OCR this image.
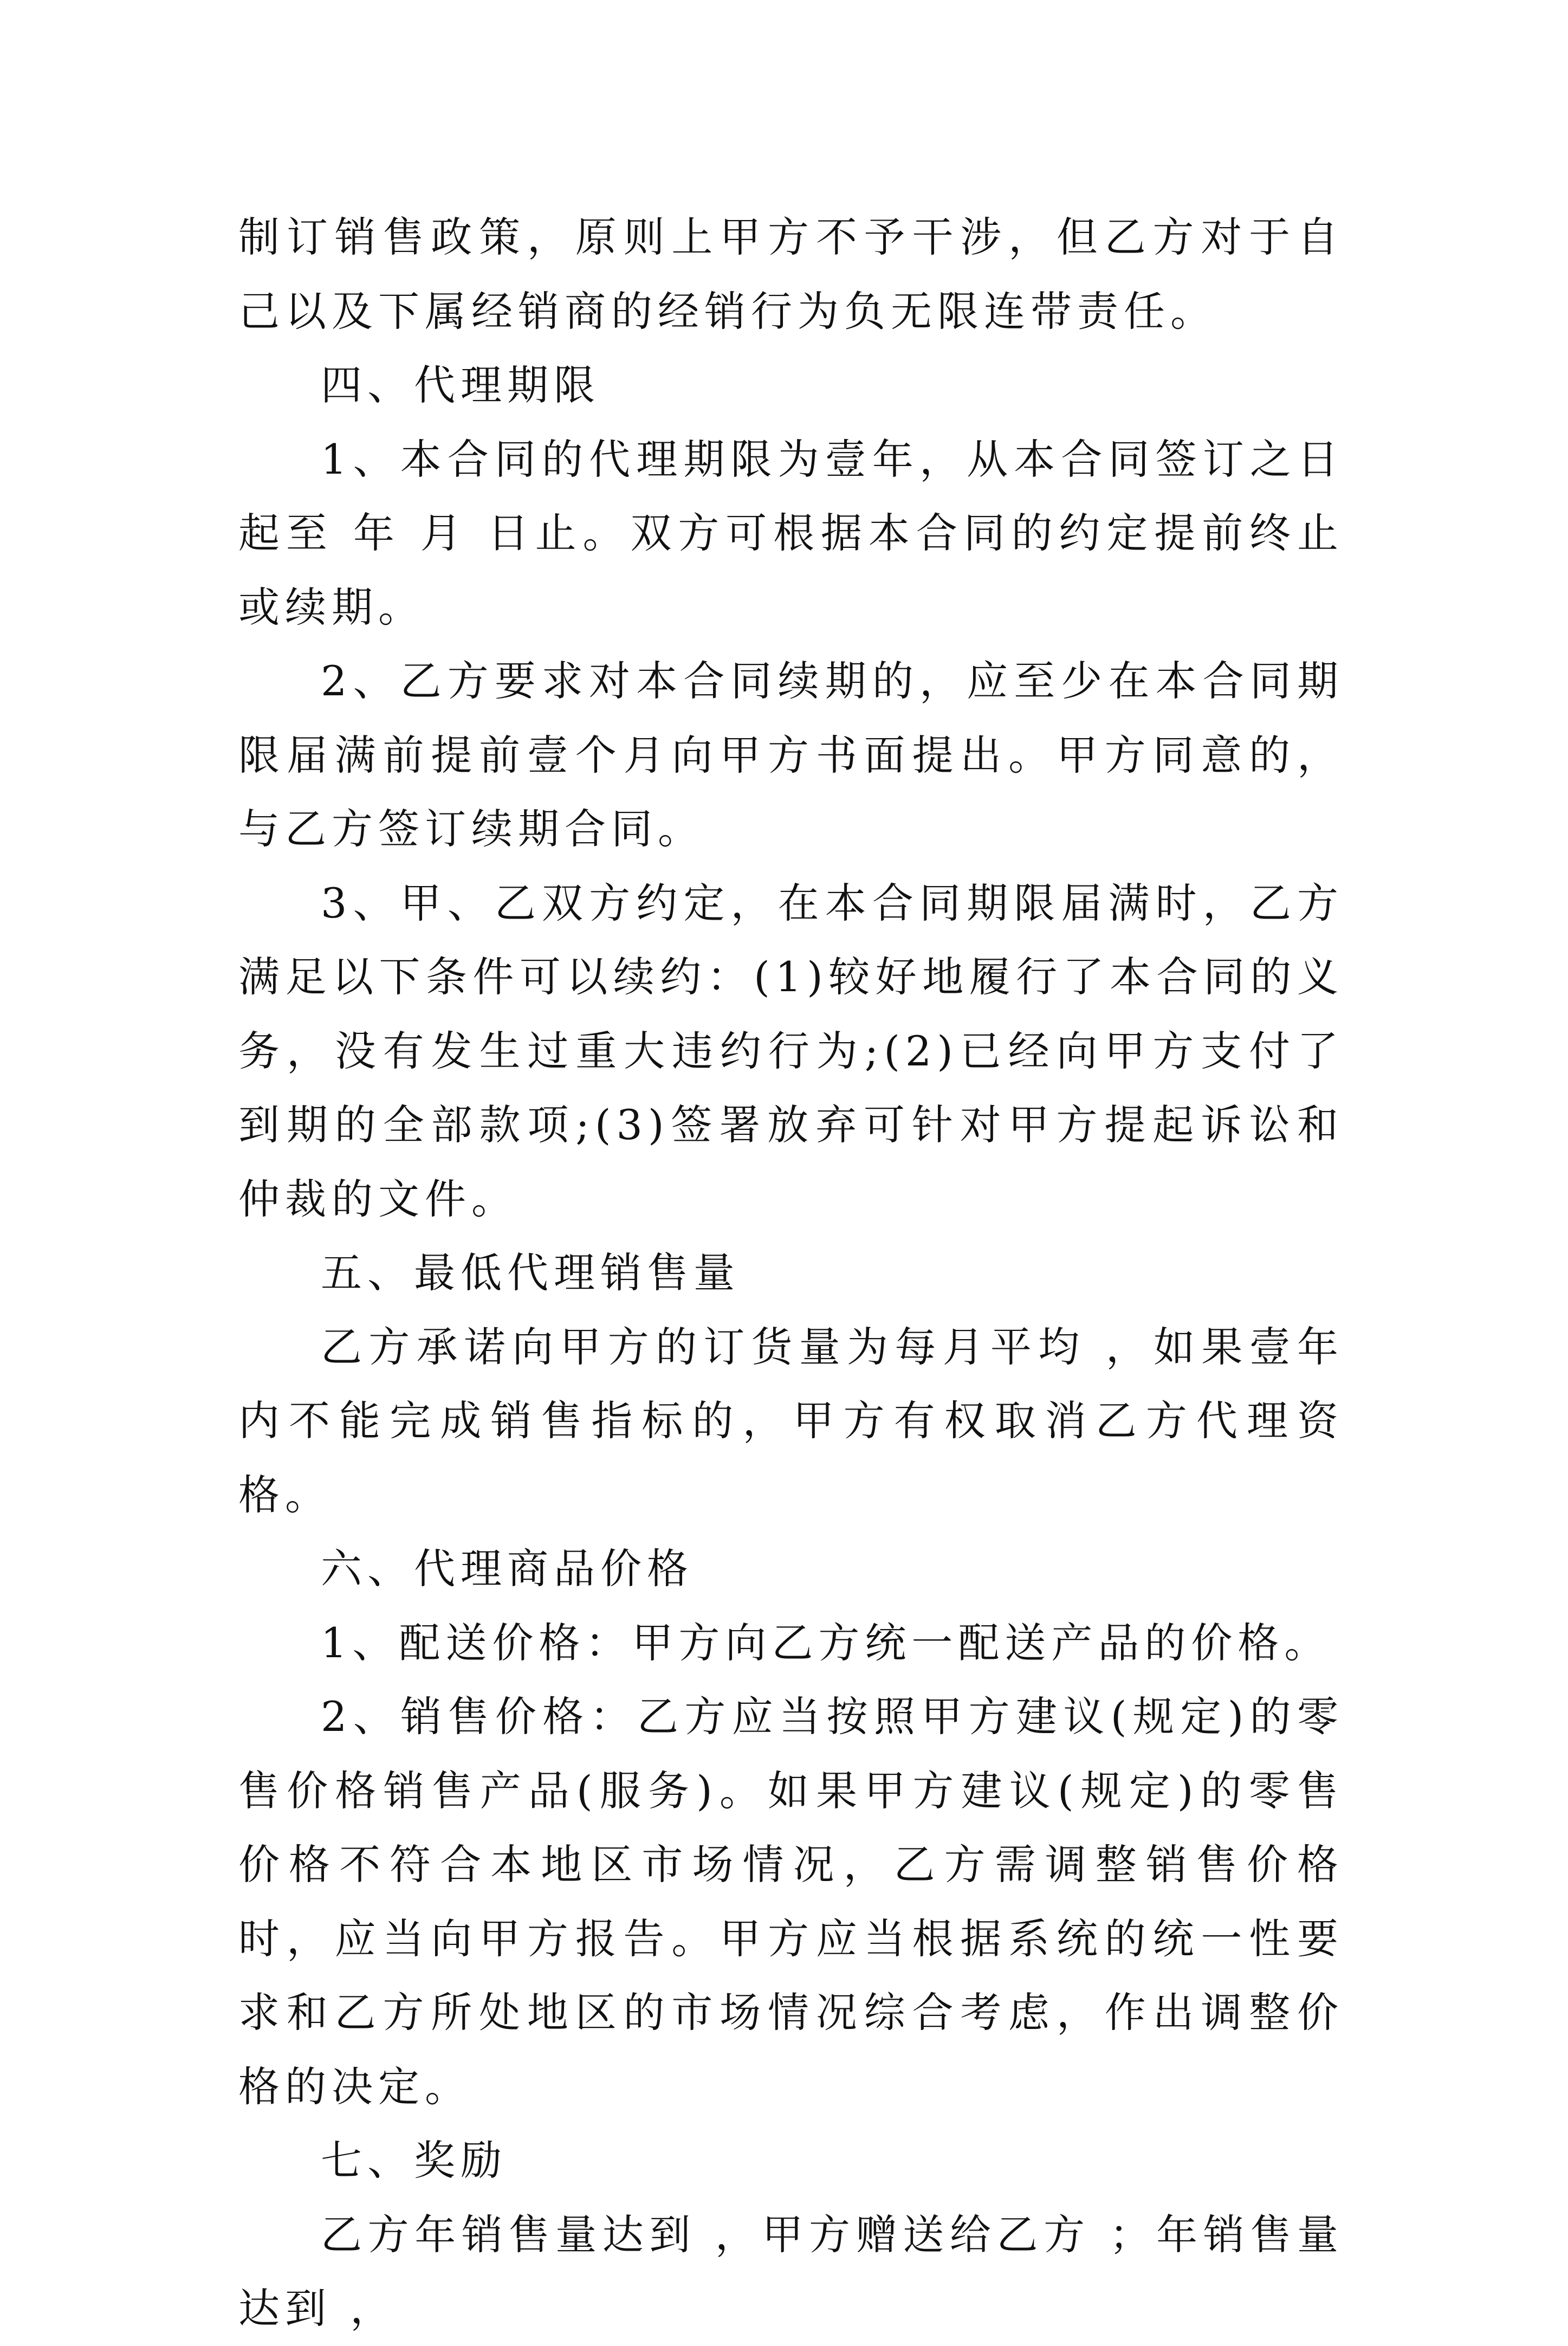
制订销售政策，原则上甲方不予干涉，但乙方对于自己以及下属经销商的经销行为负无限连带责任。

四、代理期限

1、本合同的代理期限为壹年，从本合同签订之日起至 年 月 日止。双方可根据本合同的约定提前终止或续期。

2、乙方要求对本合同续期的，应至少在本合同期限届满前提前壹个月向甲方书面提出。甲方同意的，与乙方签订续期合同。

3、甲、乙双方约定，在本合同期限届满时，乙方满足以下条件可以续约：(1)较好地履行了本合同的义务，没有发生过重大违约行为;(2)已经向甲方支付了到期的全部款项;(3)签署放弃可针对甲方提起诉讼和仲裁的文件。

五、最低代理销售量

乙方承诺向甲方的订货量为每月平均 ，如果壹年内不能完成销售指标的，甲方有权取消乙方代理资格。

六、代理商品价格

1、配送价格：甲方向乙方统一配送产品的价格。

2、销售价格：乙方应当按照甲方建议(规定)的零售价格销售产品(服务)。如果甲方建议(规定)的零售价格不符合本地区市场情况，乙方需调整销售价格时，应当向甲方报告。甲方应当根据系统的统一性要求和乙方所处地区的市场情况综合考虑，作出调整价格的决定。

七、奖励

乙方年销售量达到 ，甲方赠送给乙方 ；年销售量达到 ，
